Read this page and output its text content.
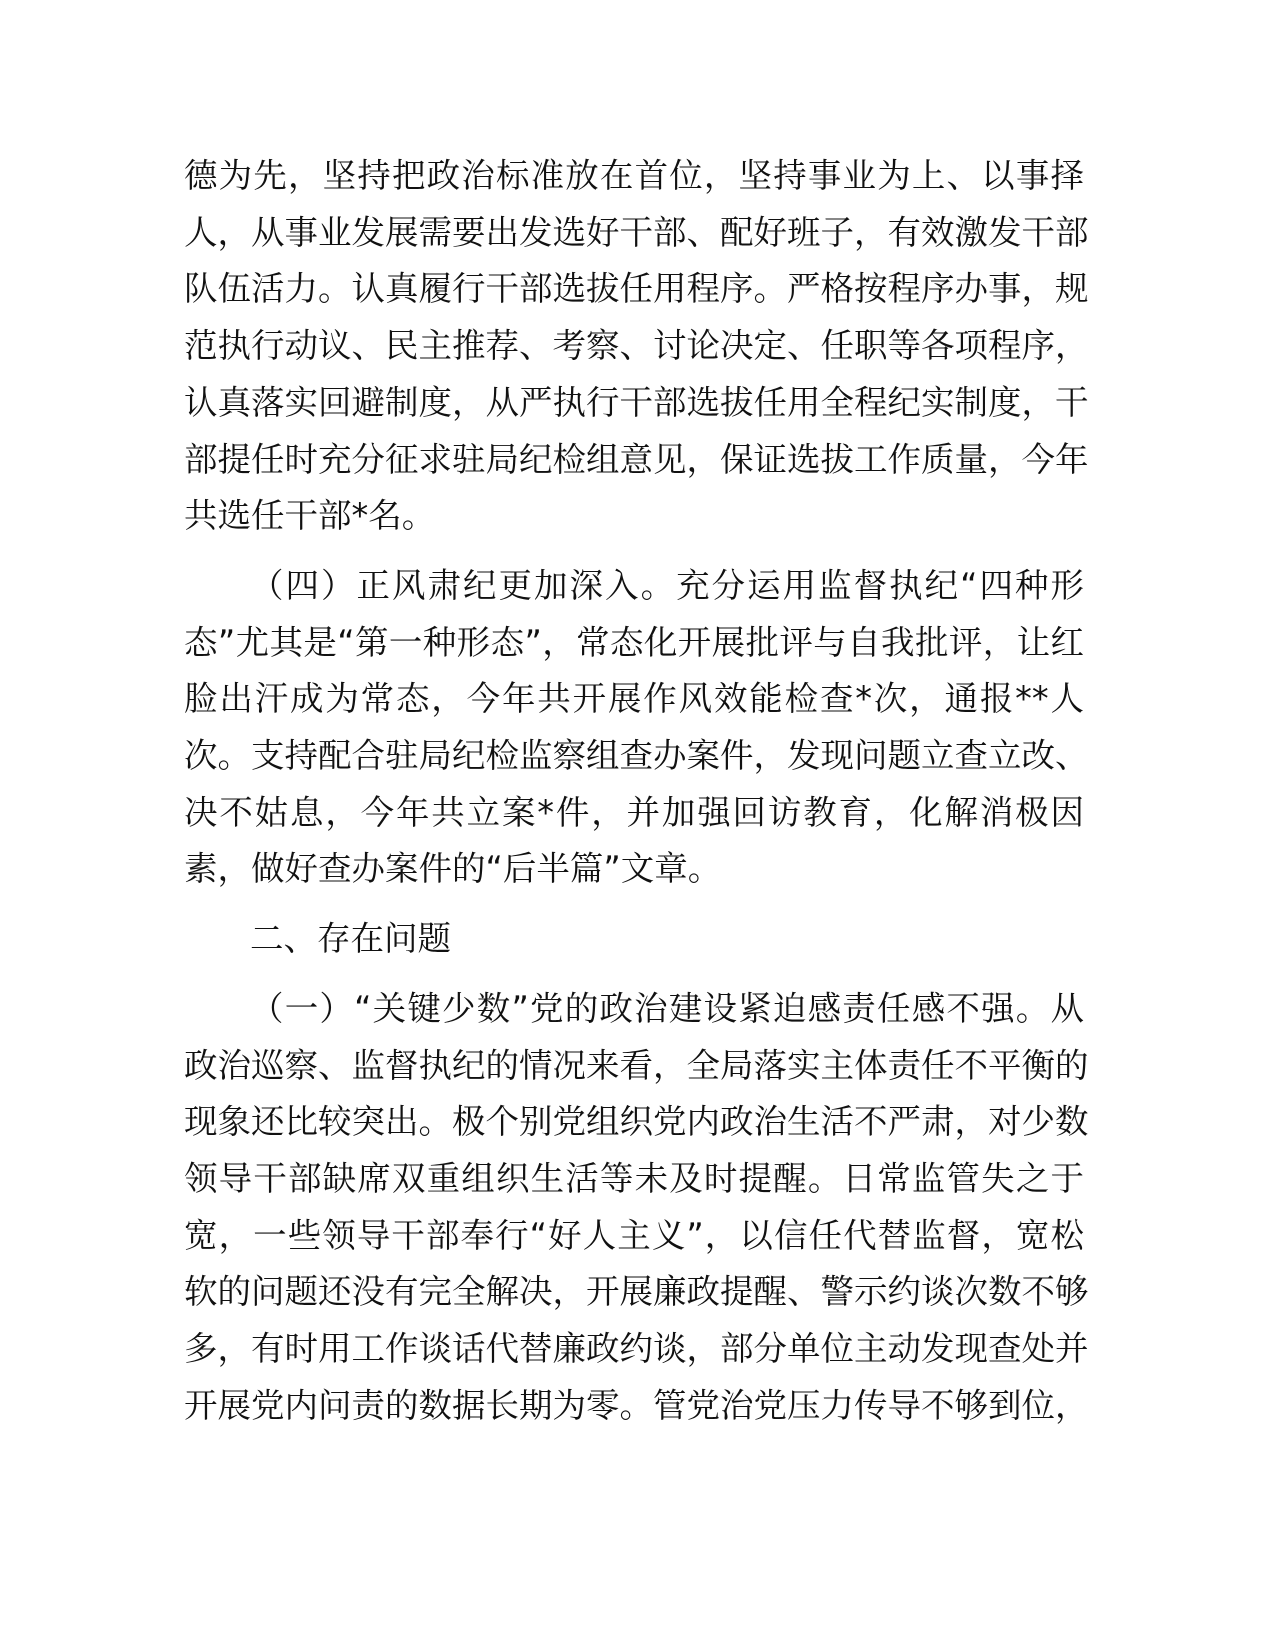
德为先，坚持把政治标准放在首位，坚持事业为上、以事择
人，从事业发展需要出发选好干部、配好班子，有效激发干部
队伍活力。认真履行干部选拔任用程序。严格按程序办事，规
范执行动议、民主推荐、考察、讨论决定、任职等各项程序，
认真落实回避制度，从严执行干部选拔任用全程纪实制度，干
部提任时充分征求驻局纪检组意见，保证选拔工作质量，今年
共选任干部*名。
（四）正风肃纪更加深入。充分运用监督执纪“四种形
态”尤其是“第一种形态”，常态化开展批评与自我批评，让红
脸出汗成为常态，今年共开展作风效能检查*次，通报**人
次。支持配合驻局纪检监察组查办案件，发现问题立查立改、
决不姑息，今年共立案*件，并加强回访教育，化解消极因
素，做好查办案件的“后半篇”文章。
二、存在问题
（一）“关键少数”党的政治建设紧迫感责任感不强。从
政治巡察、监督执纪的情况来看，全局落实主体责任不平衡的
现象还比较突出。极个别党组织党内政治生活不严肃，对少数
领导干部缺席双重组织生活等未及时提醒。日常监管失之于
宽，一些领导干部奉行“好人主义”，以信任代替监督，宽松
软的问题还没有完全解决，开展廉政提醒、警示约谈次数不够
多，有时用工作谈话代替廉政约谈，部分单位主动发现查处并
开展党内问责的数据长期为零。管党治党压力传导不够到位，
